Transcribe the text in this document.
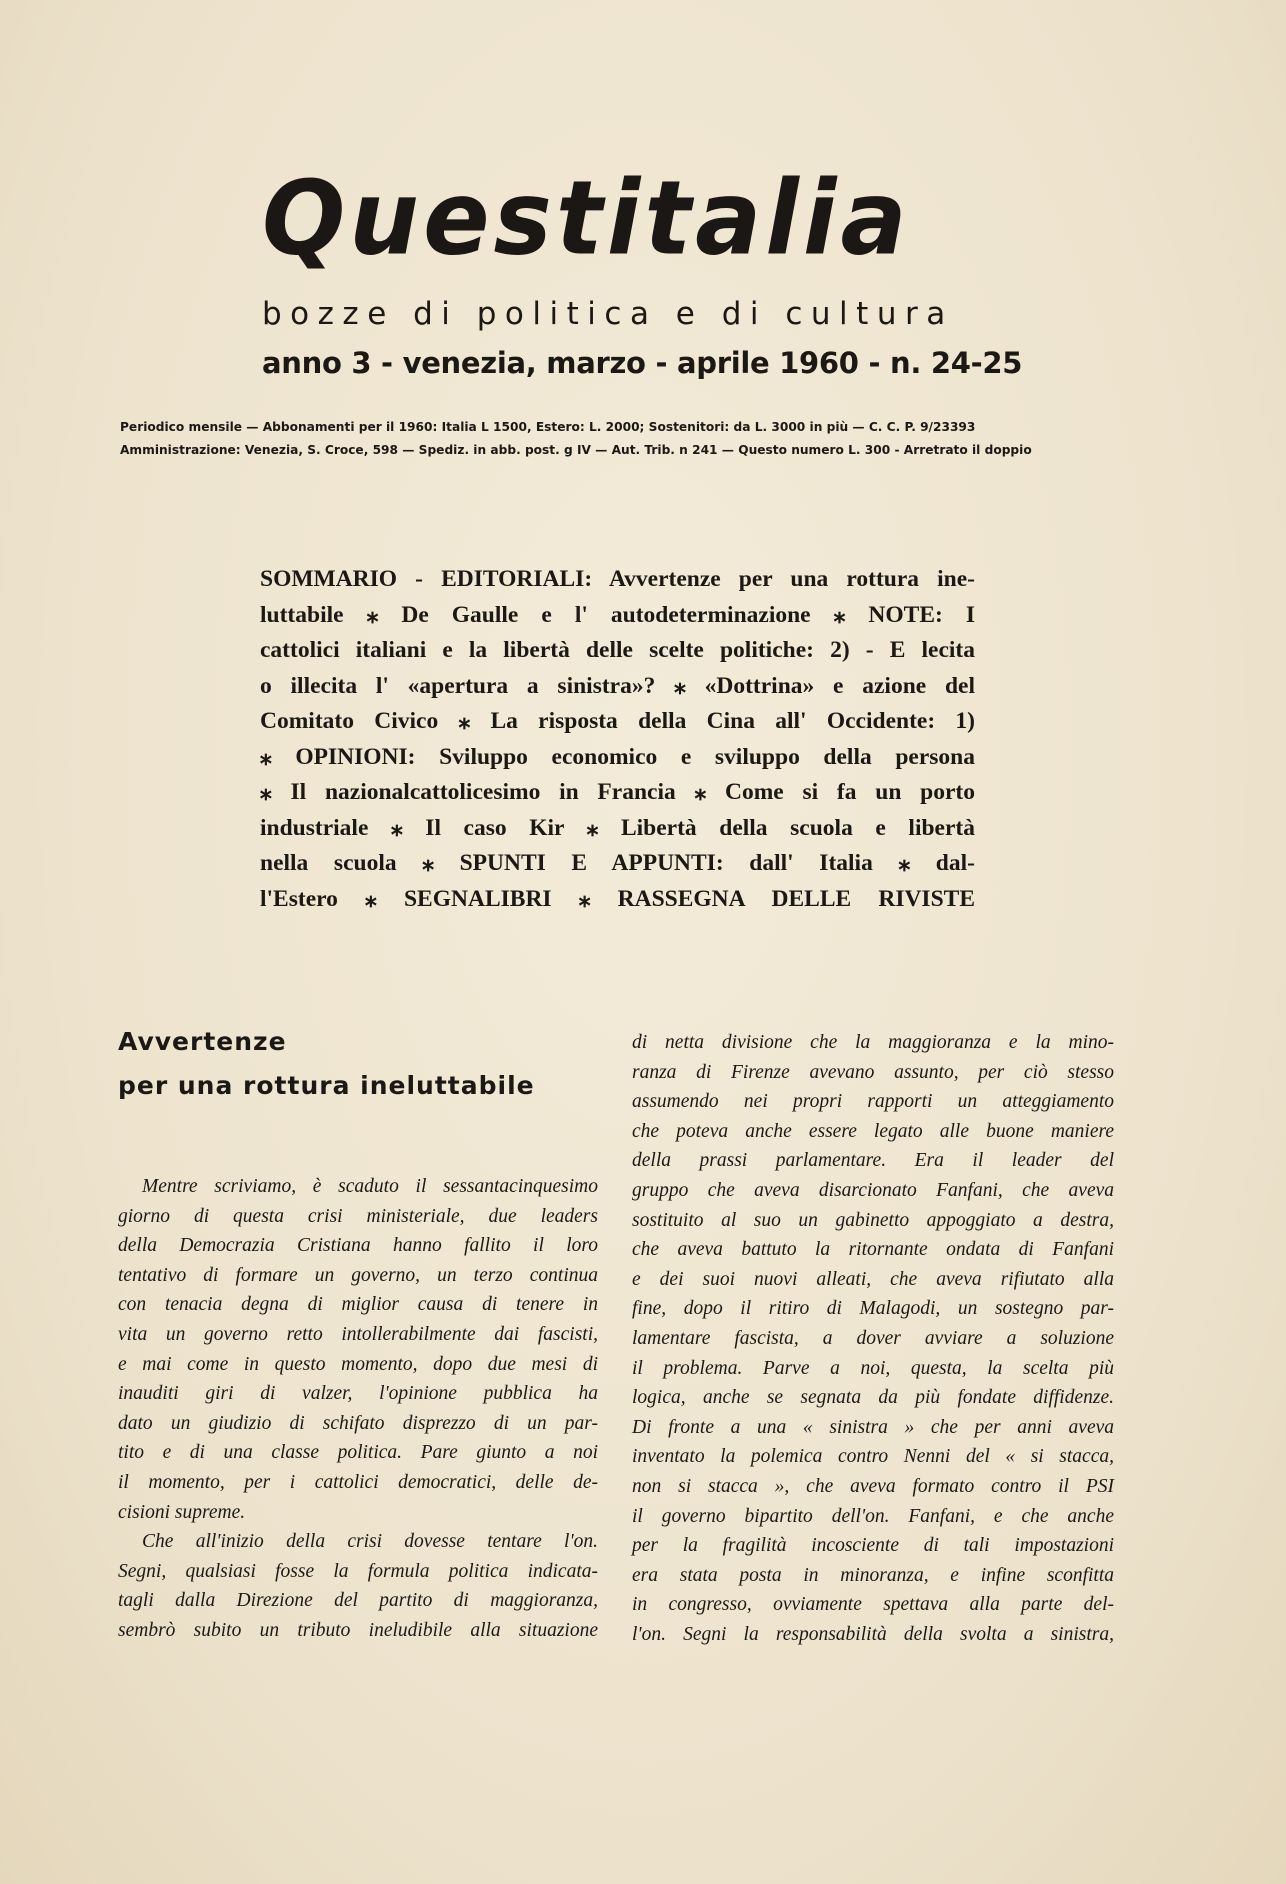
Questitalia
bozze di politica e di cultura
anno 3 - venezia, marzo - aprile 1960 - n. 24-25
Periodico mensile — Abbonamenti per il 1960: Italia L 1500, Estero: L. 2000; Sostenitori: da L. 3000 in più — C. C. P. 9/23393
Amministrazione: Venezia, S. Croce, 598 — Spediz. in abb. post. g IV — Aut. Trib. n 241 — Questo numero L. 300 - Arretrato il doppio
SOMMARIO - EDITORIALI: Avvertenze per una rottura ine-
luttabile ⁎ De Gaulle e l' autodeterminazione ⁎ NOTE: I
cattolici italiani e la libertà delle scelte politiche: 2) - E lecita
o illecita l' «apertura a sinistra»? ⁎ «Dottrina» e azione del
Comitato Civico ⁎ La risposta della Cina all' Occidente: 1)
⁎ OPINIONI: Sviluppo economico e sviluppo della persona
⁎ Il nazionalcattolicesimo in Francia ⁎ Come si fa un porto
industriale ⁎ Il caso Kir ⁎ Libertà della scuola e libertà
nella scuola ⁎ SPUNTI E APPUNTI: dall' Italia ⁎ dal-
l'Estero ⁎ SEGNALIBRI ⁎ RASSEGNA DELLE RIVISTE
Avvertenze
per una rottura ineluttabile
Mentre scriviamo, è scaduto il sessantacinquesimo
giorno di questa crisi ministeriale, due leaders
della Democrazia Cristiana hanno fallito il loro
tentativo di formare un governo, un terzo continua
con tenacia degna di miglior causa di tenere in
vita un governo retto intollerabilmente dai fascisti,
e mai come in questo momento, dopo due mesi di
inauditi giri di valzer, l'opinione pubblica ha
dato un giudizio di schifato disprezzo di un par-
tito e di una classe politica. Pare giunto a noi
il momento, per i cattolici democratici, delle de-
cisioni supreme.
Che all'inizio della crisi dovesse tentare l'on.
Segni, qualsiasi fosse la formula politica indicata-
tagli dalla Direzione del partito di maggioranza,
sembrò subito un tributo ineludibile alla situazione
di netta divisione che la maggioranza e la mino-
ranza di Firenze avevano assunto, per ciò stesso
assumendo nei propri rapporti un atteggiamento
che poteva anche essere legato alle buone maniere
della prassi parlamentare. Era il leader del
gruppo che aveva disarcionato Fanfani, che aveva
sostituito al suo un gabinetto appoggiato a destra,
che aveva battuto la ritornante ondata di Fanfani
e dei suoi nuovi alleati, che aveva rifiutato alla
fine, dopo il ritiro di Malagodi, un sostegno par-
lamentare fascista, a dover avviare a soluzione
il problema. Parve a noi, questa, la scelta più
logica, anche se segnata da più fondate diffidenze.
Di fronte a una « sinistra » che per anni aveva
inventato la polemica contro Nenni del « si stacca,
non si stacca », che aveva formato contro il PSI
il governo bipartito dell'on. Fanfani, e che anche
per la fragilità incosciente di tali impostazioni
era stata posta in minoranza, e infine sconfitta
in congresso, ovviamente spettava alla parte del-
l'on. Segni la responsabilità della svolta a sinistra,
